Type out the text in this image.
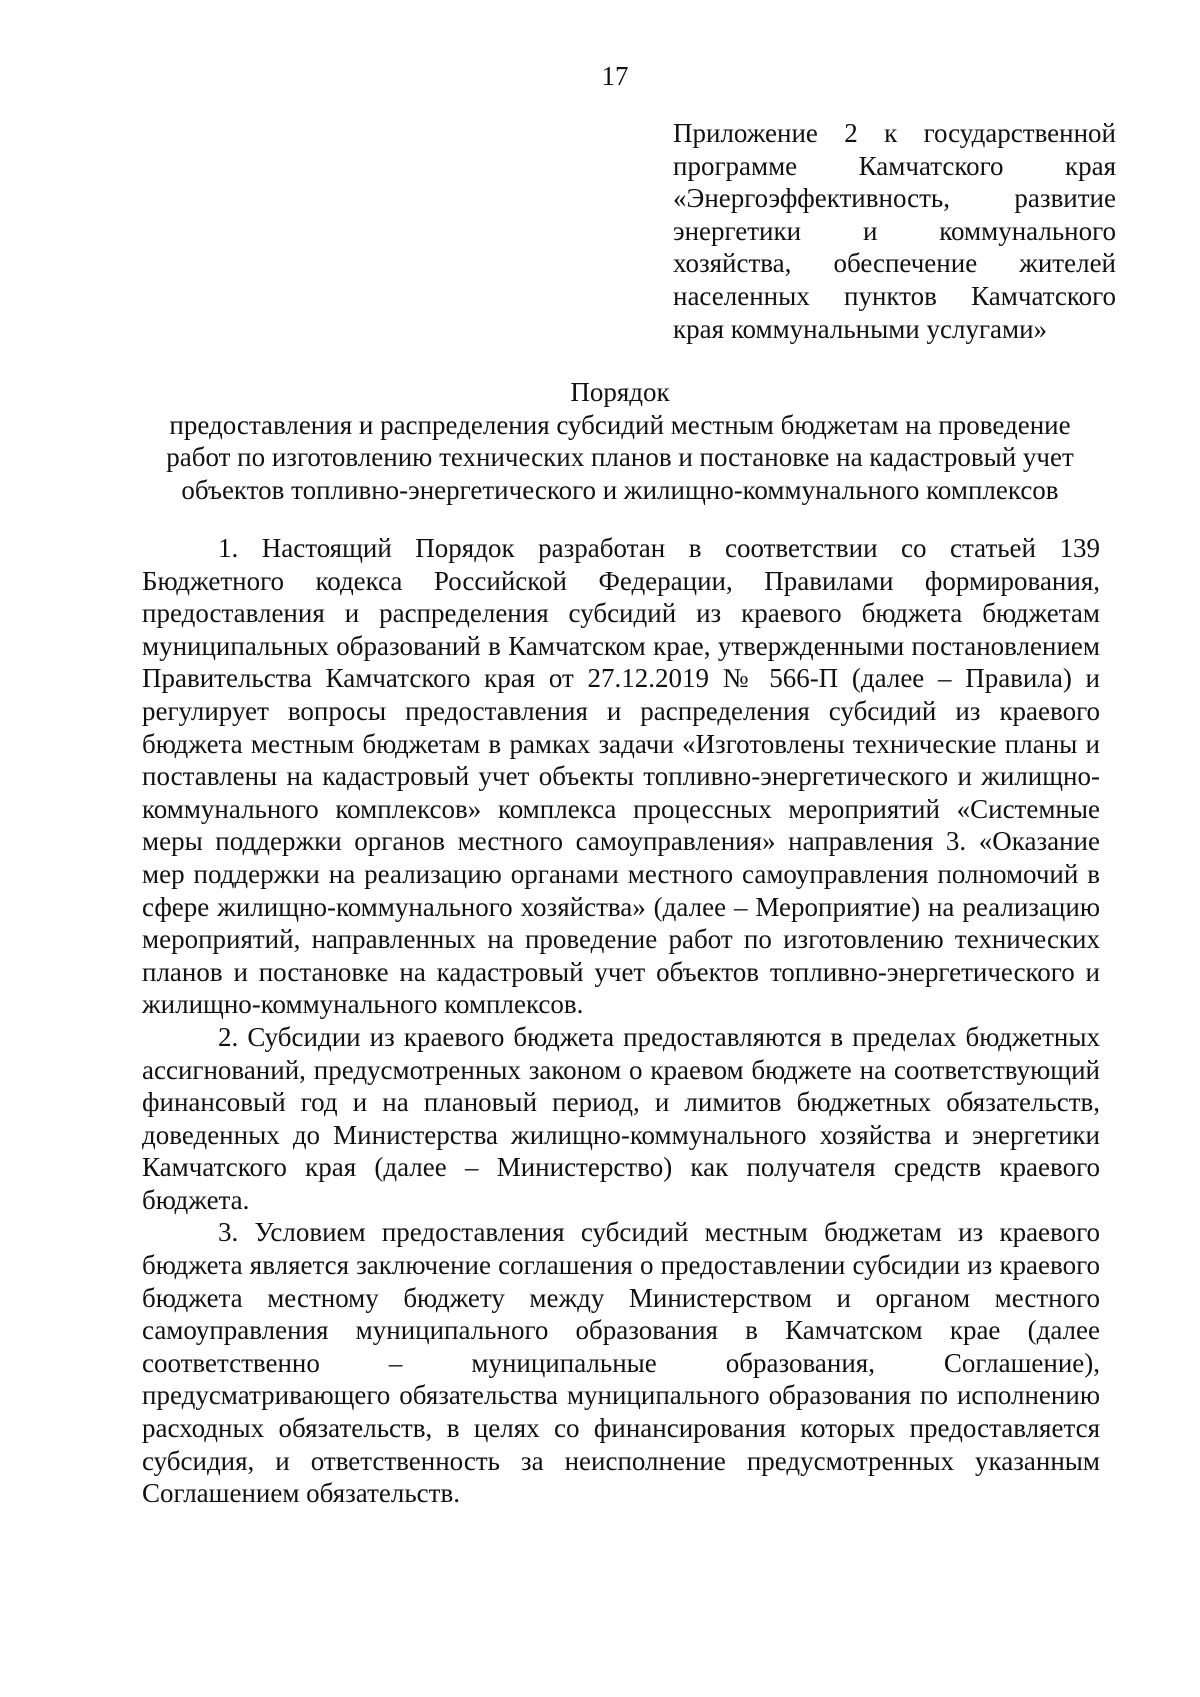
17
Приложение 2 к государственной
программе Камчатского края
«Энергоэффективность, развитие
энергетики и коммунального
хозяйства, обеспечение жителей
населенных пунктов Камчатского
края коммунальными услугами»
Порядок
предоставления и распределения субсидий местным бюджетам на проведение
работ по изготовлению технических планов и постановке на кадастровый учет
объектов топливно-энергетического и жилищно-коммунального комплексов

1. Настоящий Порядок разработан в соответствии со статьей 139 Бюджетного кодекса Российской Федерации, Правилами формирования, предоставления и распределения субсидий из краевого бюджета бюджетам муниципальных образований в Камчатском крае, утвержденными постановлением Правительства Камчатского края от 27.12.2019 № 566-П (далее – Правила) и регулирует вопросы предоставления и распределения субсидий из краевого бюджета местным бюджетам в рамках задачи «Изготовлены технические планы и поставлены на кадастровый учет объекты топливно-энергетического и жилищно-коммунального комплексов» комплекса процессных мероприятий «Системные меры поддержки органов местного самоуправления» направления 3. «Оказание мер поддержки на реализацию органами местного самоуправления полномочий в сфере жилищно-коммунального хозяйства» (далее – Мероприятие) на реализацию мероприятий, направленных на проведение работ по изготовлению технических планов и постановке на кадастровый учет объектов топливно-энергетического и жилищно-коммунального комплексов.

2. Субсидии из краевого бюджета предоставляются в пределах бюджетных ассигнований, предусмотренных законом о краевом бюджете на соответствующий финансовый год и на плановый период, и лимитов бюджетных обязательств, доведенных до Министерства жилищно-коммунального хозяйства и энергетики Камчатского края (далее – Министерство) как получателя средств краевого бюджета.

3. Условием предоставления субсидий местным бюджетам из краевого бюджета является заключение соглашения о предоставлении субсидии из краевого бюджета местному бюджету между Министерством и органом местного самоуправления муниципального образования в Камчатском крае (далее соответственно – муниципальные образования, Соглашение), предусматривающего обязательства муниципального образования по исполнению расходных обязательств, в целях со финансирования которых предоставляется субсидия, и ответственность за неисполнение предусмотренных указанным Соглашением обязательств.
